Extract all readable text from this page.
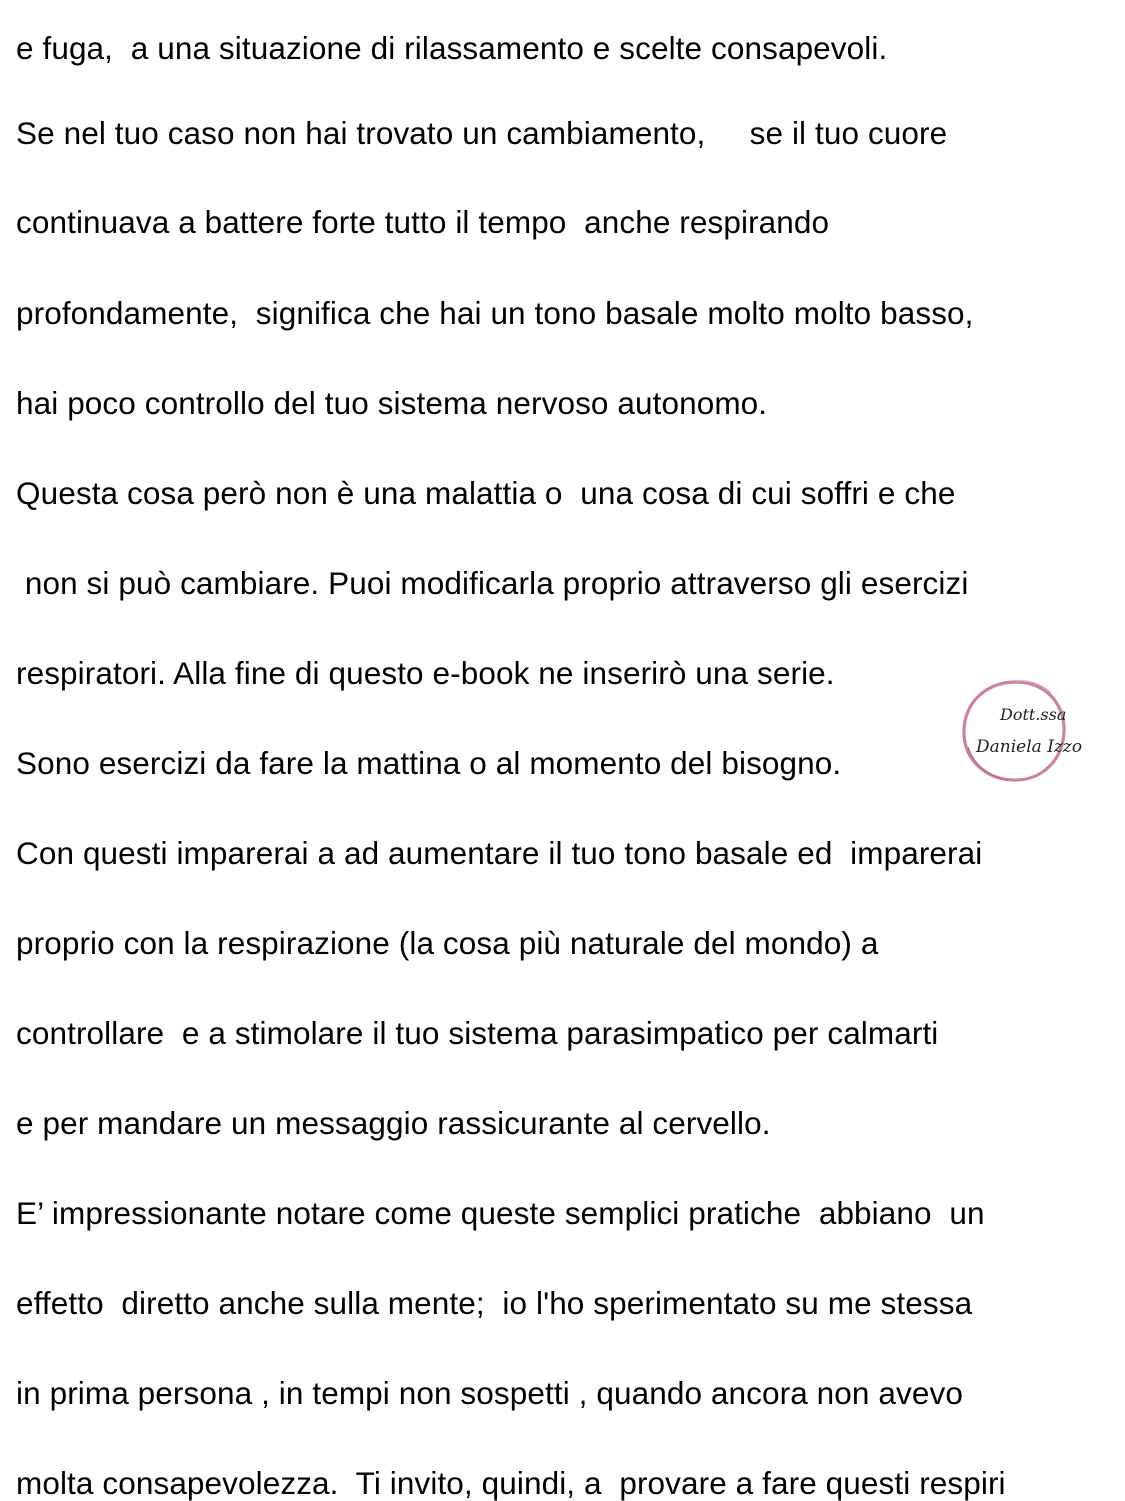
e fuga,  a una situazione di rilassamento e scelte consapevoli.

Se nel tuo caso non hai trovato un cambiamento,     se il tuo cuore

continuava a battere forte tutto il tempo  anche respirando

profondamente,  significa che hai un tono basale molto molto basso,

hai poco controllo del tuo sistema nervoso autonomo.

Questa cosa però non è una malattia o  una cosa di cui soffri e che

non si può cambiare. Puoi modificarla proprio attraverso gli esercizi

respiratori. Alla fine di questo e-book ne inserirò una serie.

Sono esercizi da fare la mattina o al momento del bisogno.

Con questi imparerai a ad aumentare il tuo tono basale ed  imparerai

proprio con la respirazione (la cosa più naturale del mondo) a

controllare  e a stimolare il tuo sistema parasimpatico per calmarti

e per mandare un messaggio rassicurante al cervello.

E’ impressionante notare come queste semplici pratiche  abbiano  un

effetto  diretto anche sulla mente;  io l'ho sperimentato su me stessa

in prima persona , in tempi non sospetti , quando ancora non avevo

molta consapevolezza.  Ti invito, quindi, a  provare a fare questi respiri

Dott.ssa
Daniela Izzo
